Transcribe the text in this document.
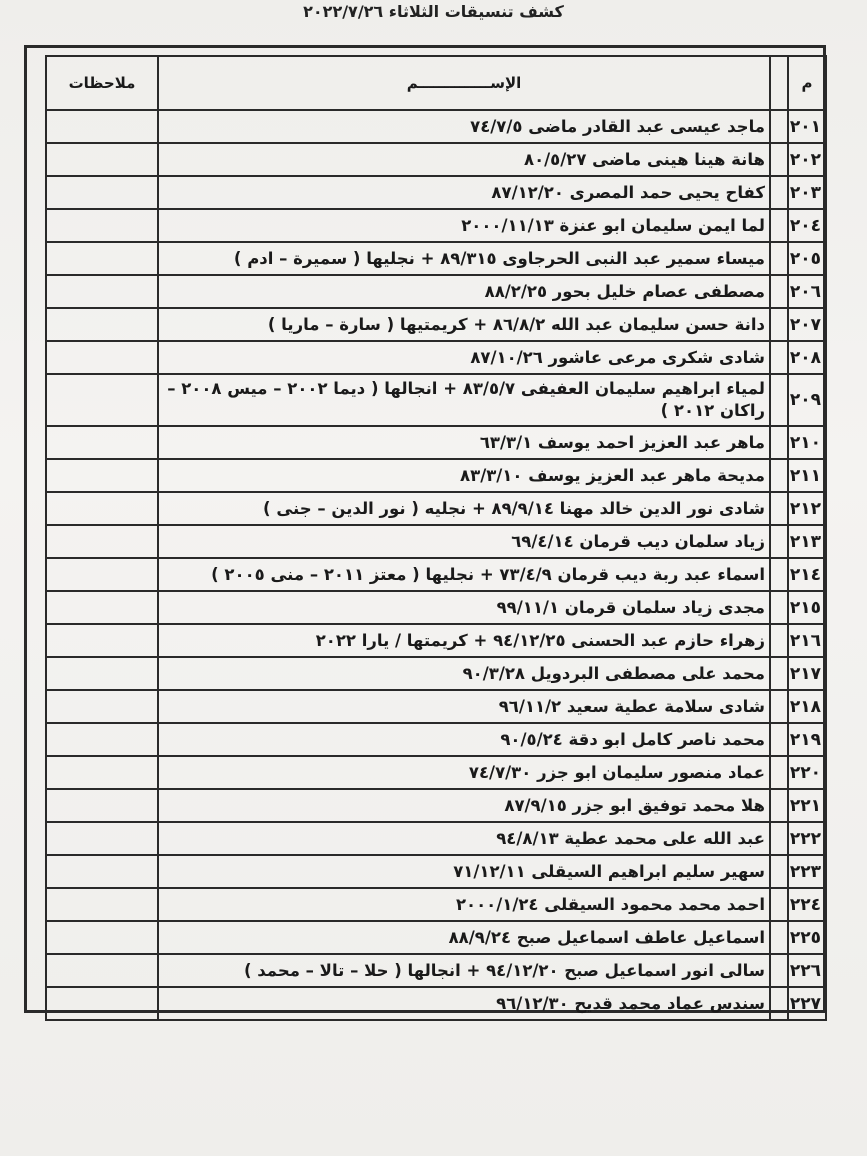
كشف تنسيقات الثلاثاء ٢٠٢٢/٧/٢٦
م		الإســــــــــــــم	ملاحظات
٢٠١		ماجد عيسى عبد القادر ماضى ٧٤/٧/٥	
٢٠٢		هانة هينا هينى ماضى ٨٠/٥/٢٧	
٢٠٣		كفاح يحيى حمد المصرى ٨٧/١٢/٢٠	
٢٠٤		لما ايمن سليمان ابو عنزة ٢٠٠٠/١١/١٣	
٢٠٥		ميساء سمير عبد النبى الحرجاوى ٨٩/٣١٥ + نجليها ( سميرة – ادم )	
٢٠٦		مصطفى عصام خليل بحور ٨٨/٢/٢٥	
٢٠٧		دانة حسن سليمان عبد الله ٨٦/٨/٢ + كريمتيها ( سارة – ماريا )	
٢٠٨		شادى شكرى مرعى عاشور ٨٧/١٠/٢٦	
٢٠٩		لمياء ابراهيم سليمان العفيفى ٨٣/٥/٧ + انجالها ( ديما ٢٠٠٢ – ميس ٢٠٠٨ – راكان ٢٠١٢ )	
٢١٠		ماهر عبد العزيز احمد يوسف ٦٣/٣/١	
٢١١		مديحة ماهر عبد العزيز يوسف ٨٣/٣/١٠	
٢١٢		شادى نور الدين خالد مهنا ٨٩/٩/١٤ + نجليه ( نور الدين – جنى )	
٢١٣		زياد سلمان ديب قرمان ٦٩/٤/١٤	
٢١٤		اسماء عبد ربة ديب قرمان ٧٣/٤/٩ + نجليها ( معتز ٢٠١١ – منى ٢٠٠٥ )	
٢١٥		مجدى زياد سلمان قرمان ٩٩/١١/١	
٢١٦		زهراء حازم عبد الحسنى ٩٤/١٢/٢٥ + كريمتها / يارا ٢٠٢٢	
٢١٧		محمد على مصطفى البردويل ٩٠/٣/٢٨	
٢١٨		شادى سلامة عطية سعيد ٩٦/١١/٢	
٢١٩		محمد ناصر كامل ابو دقة ٩٠/٥/٢٤	
٢٢٠		عماد منصور سليمان ابو جزر ٧٤/٧/٣٠	
٢٢١		هلا محمد توفيق ابو جزر ٨٧/٩/١٥	
٢٢٢		عبد الله على محمد عطية ٩٤/٨/١٣	
٢٢٣		سهير سليم ابراهيم السيقلى ٧١/١٢/١١	
٢٢٤		احمد محمد محمود السيقلى ٢٠٠٠/١/٢٤	
٢٢٥		اسماعيل عاطف اسماعيل صبح ٨٨/٩/٢٤	
٢٢٦		سالى انور اسماعيل صبح ٩٤/١٢/٢٠ + انجالها ( حلا – تالا – محمد )	
٢٢٧		سندس عماد محمد قديح ٩٦/١٢/٣٠	
